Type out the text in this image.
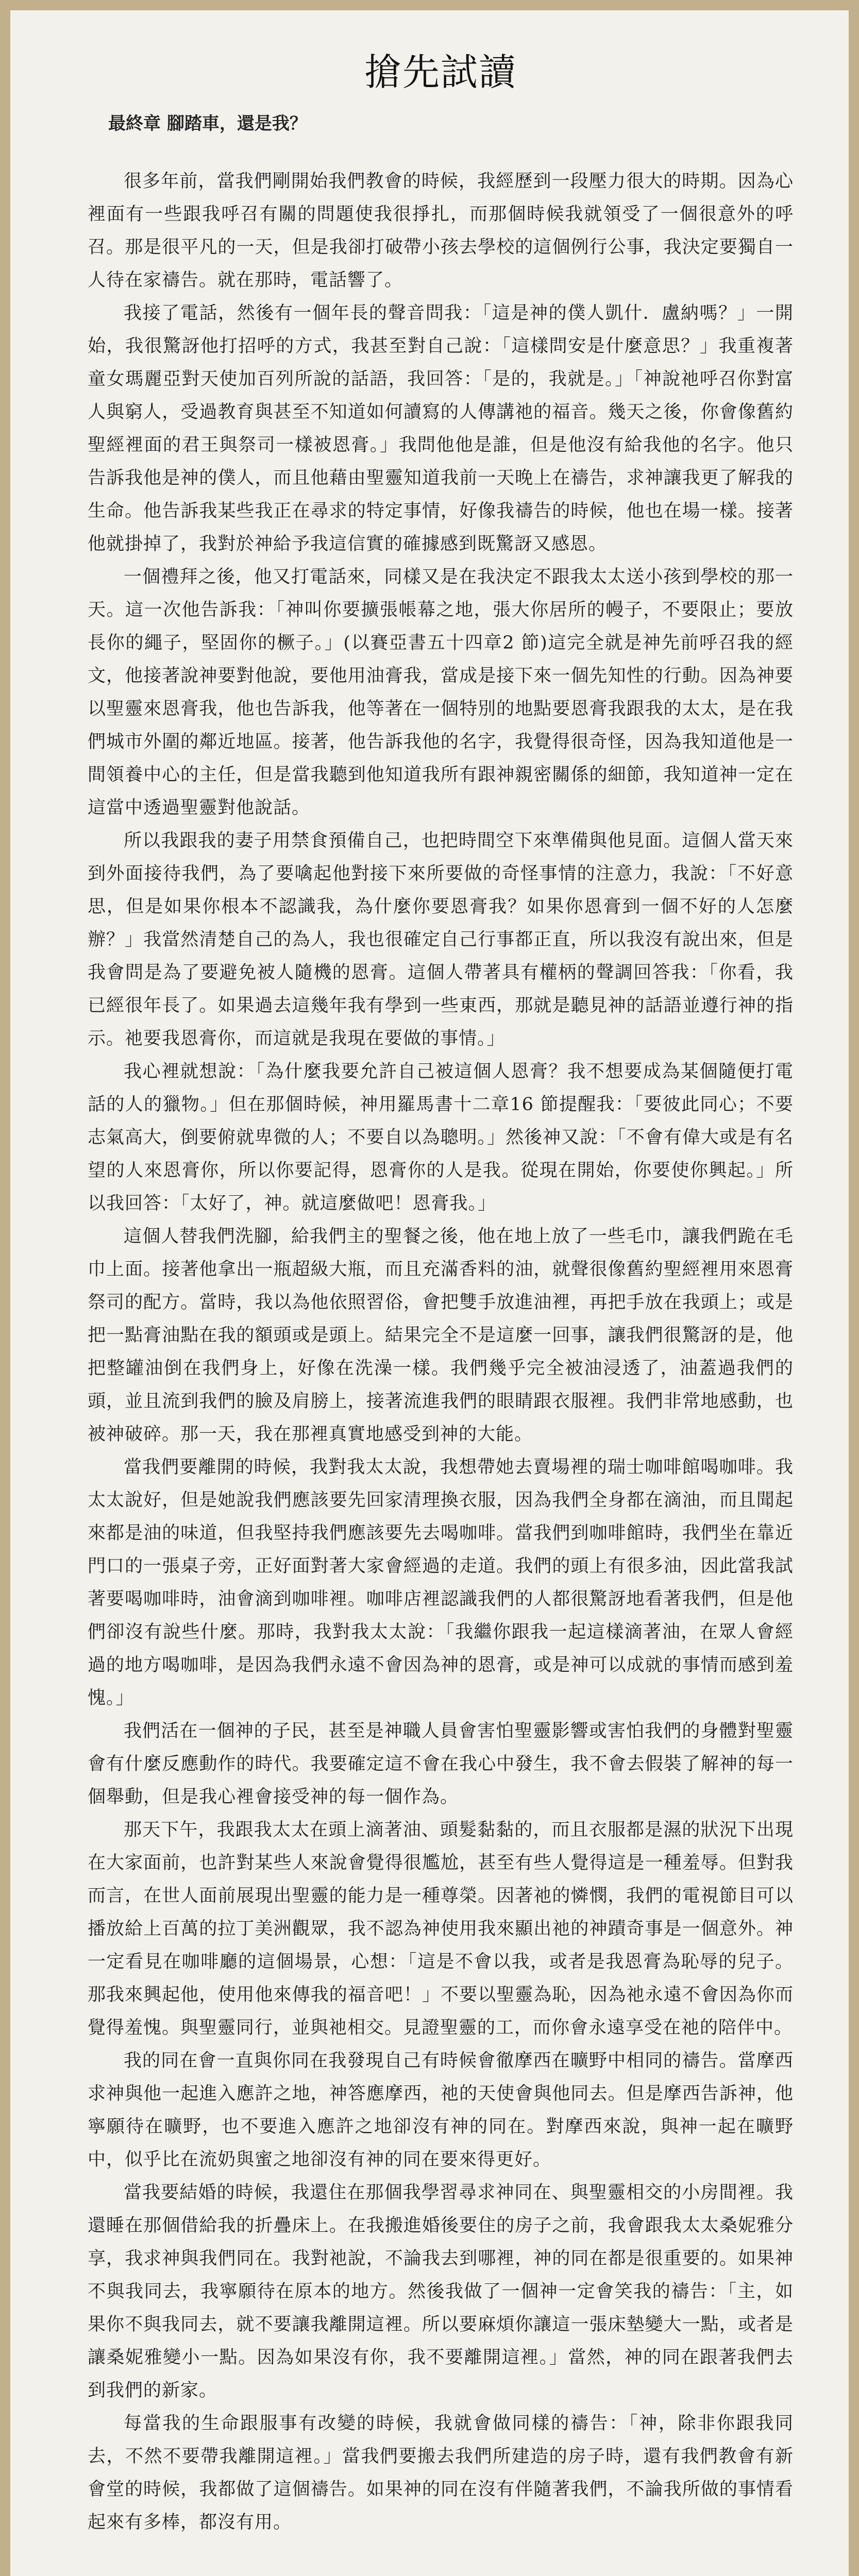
搶先試讀
最終章 腳踏車，還是我？

很多年前，當我們剛開始我們教會的時候，我經歷到一段壓力很大的時期。因為心裡面有一些跟我呼召有關的問題使我很掙扎，而那個時候我就領受了一個很意外的呼召。那是很平凡的一天，但是我卻打破帶小孩去學校的這個例行公事，我決定要獨自一人待在家禱告。就在那時，電話響了。

我接了電話，然後有一個年長的聲音問我：「這是神的僕人凱什．盧納嗎？」一開始，我很驚訝他打招呼的方式，我甚至對自己說：「這樣問安是什麼意思？」我重複著童女瑪麗亞對天使加百列所說的話語，我回答：「是的，我就是。」「神說祂呼召你對富人與窮人，受過教育與甚至不知道如何讀寫的人傳講祂的福音。幾天之後，你會像舊約聖經裡面的君王與祭司一樣被恩膏。」我問他他是誰，但是他沒有給我他的名字。他只告訴我他是神的僕人，而且他藉由聖靈知道我前一天晚上在禱告，求神讓我更了解我的生命。他告訴我某些我正在尋求的特定事情，好像我禱告的時候，他也在場一樣。接著他就掛掉了，我對於神給予我這信實的確據感到既驚訝又感恩。

一個禮拜之後，他又打電話來，同樣又是在我決定不跟我太太送小孩到學校的那一天。這一次他告訴我：「神叫你要擴張帳幕之地，張大你居所的幔子，不要限止；要放長你的繩子，堅固你的橛子。」(以賽亞書五十四章2 節)這完全就是神先前呼召我的經文，他接著說神要對他說，要他用油膏我，當成是接下來一個先知性的行動。因為神要以聖靈來恩膏我，他也告訴我，他等著在一個特別的地點要恩膏我跟我的太太，是在我們城市外圍的鄰近地區。接著，他告訴我他的名字，我覺得很奇怪，因為我知道他是一間領養中心的主任，但是當我聽到他知道我所有跟神親密關係的細節，我知道神一定在這當中透過聖靈對他說話。

所以我跟我的妻子用禁食預備自己，也把時間空下來準備與他見面。這個人當天來到外面接待我們，為了要噙起他對接下來所要做的奇怪事情的注意力，我說：「不好意思，但是如果你根本不認識我，為什麼你要恩膏我？如果你恩膏到一個不好的人怎麼辦？」我當然清楚自己的為人，我也很確定自己行事都正直，所以我沒有說出來，但是我會問是為了要避免被人隨機的恩膏。這個人帶著具有權柄的聲調回答我：「你看，我已經很年長了。如果過去這幾年我有學到一些東西，那就是聽見神的話語並遵行神的指示。祂要我恩膏你，而這就是我現在要做的事情。」

我心裡就想說：「為什麼我要允許自己被這個人恩膏？我不想要成為某個隨便打電話的人的獵物。」但在那個時候，神用羅馬書十二章16 節提醒我：「要彼此同心；不要志氣高大，倒要俯就卑微的人；不要自以為聰明。」然後神又說：「不會有偉大或是有名望的人來恩膏你，所以你要記得，恩膏你的人是我。從現在開始，你要使你興起。」所以我回答：「太好了，神。就這麼做吧！恩膏我。」

這個人替我們洗腳，給我們主的聖餐之後，他在地上放了一些毛巾，讓我們跪在毛巾上面。接著他拿出一瓶超級大瓶，而且充滿香料的油，就聲很像舊約聖經裡用來恩膏祭司的配方。當時，我以為他依照習俗，會把雙手放進油裡，再把手放在我頭上；或是把一點膏油點在我的額頭或是頭上。結果完全不是這麼一回事，讓我們很驚訝的是，他把整罐油倒在我們身上，好像在洗澡一樣。我們幾乎完全被油浸透了，油蓋過我們的頭，並且流到我們的臉及肩膀上，接著流進我們的眼睛跟衣服裡。我們非常地感動，也被神破碎。那一天，我在那裡真實地感受到神的大能。

當我們要離開的時候，我對我太太說，我想帶她去賣場裡的瑞士咖啡館喝咖啡。我太太說好，但是她說我們應該要先回家清理換衣服，因為我們全身都在滴油，而且聞起來都是油的味道，但我堅持我們應該要先去喝咖啡。當我們到咖啡館時，我們坐在靠近門口的一張桌子旁，正好面對著大家會經過的走道。我們的頭上有很多油，因此當我試著要喝咖啡時，油會滴到咖啡裡。咖啡店裡認識我們的人都很驚訝地看著我們，但是他們卻沒有說些什麼。那時，我對我太太說：「我繼你跟我一起這樣滴著油，在眾人會經過的地方喝咖啡，是因為我們永遠不會因為神的恩膏，或是神可以成就的事情而感到羞愧。」

我們活在一個神的子民，甚至是神職人員會害怕聖靈影響或害怕我們的身體對聖靈會有什麼反應動作的時代。我要確定這不會在我心中發生，我不會去假裝了解神的每一個舉動，但是我心裡會接受神的每一個作為。

那天下午，我跟我太太在頭上滴著油、頭髮黏黏的，而且衣服都是濕的狀況下出現在大家面前，也許對某些人來說會覺得很尷尬，甚至有些人覺得這是一種羞辱。但對我而言，在世人面前展現出聖靈的能力是一種尊榮。因著祂的憐憫，我們的電視節目可以播放給上百萬的拉丁美洲觀眾，我不認為神使用我來顯出祂的神蹟奇事是一個意外。神一定看見在咖啡廳的這個場景，心想：「這是不會以我，或者是我恩膏為恥辱的兒子。那我來興起他，使用他來傳我的福音吧！」不要以聖靈為恥，因為祂永遠不會因為你而覺得羞愧。與聖靈同行，並與祂相交。見證聖靈的工，而你會永遠享受在祂的陪伴中。

我的同在會一直與你同在我發現自己有時候會徹摩西在曠野中相同的禱告。當摩西求神與他一起進入應許之地，神答應摩西，祂的天使會與他同去。但是摩西告訴神，他寧願待在曠野，也不要進入應許之地卻沒有神的同在。對摩西來說，與神一起在曠野中，似乎比在流奶與蜜之地卻沒有神的同在要來得更好。

當我要結婚的時候，我還住在那個我學習尋求神同在、與聖靈相交的小房間裡。我還睡在那個借給我的折疊床上。在我搬進婚後要住的房子之前，我會跟我太太桑妮雅分享，我求神與我們同在。我對祂說，不論我去到哪裡，神的同在都是很重要的。如果神不與我同去，我寧願待在原本的地方。然後我做了一個神一定會笑我的禱告：「主，如果你不與我同去，就不要讓我離開這裡。所以要麻煩你讓這一張床墊變大一點，或者是讓桑妮雅變小一點。因為如果沒有你，我不要離開這裡。」當然，神的同在跟著我們去到我們的新家。

每當我的生命跟服事有改變的時候，我就會做同樣的禱告：「神，除非你跟我同去，不然不要帶我離開這裡。」當我們要搬去我們所建造的房子時，還有我們教會有新會堂的時候，我都做了這個禱告。如果神的同在沒有伴隨著我們，不論我所做的事情看起來有多棒，都沒有用。
